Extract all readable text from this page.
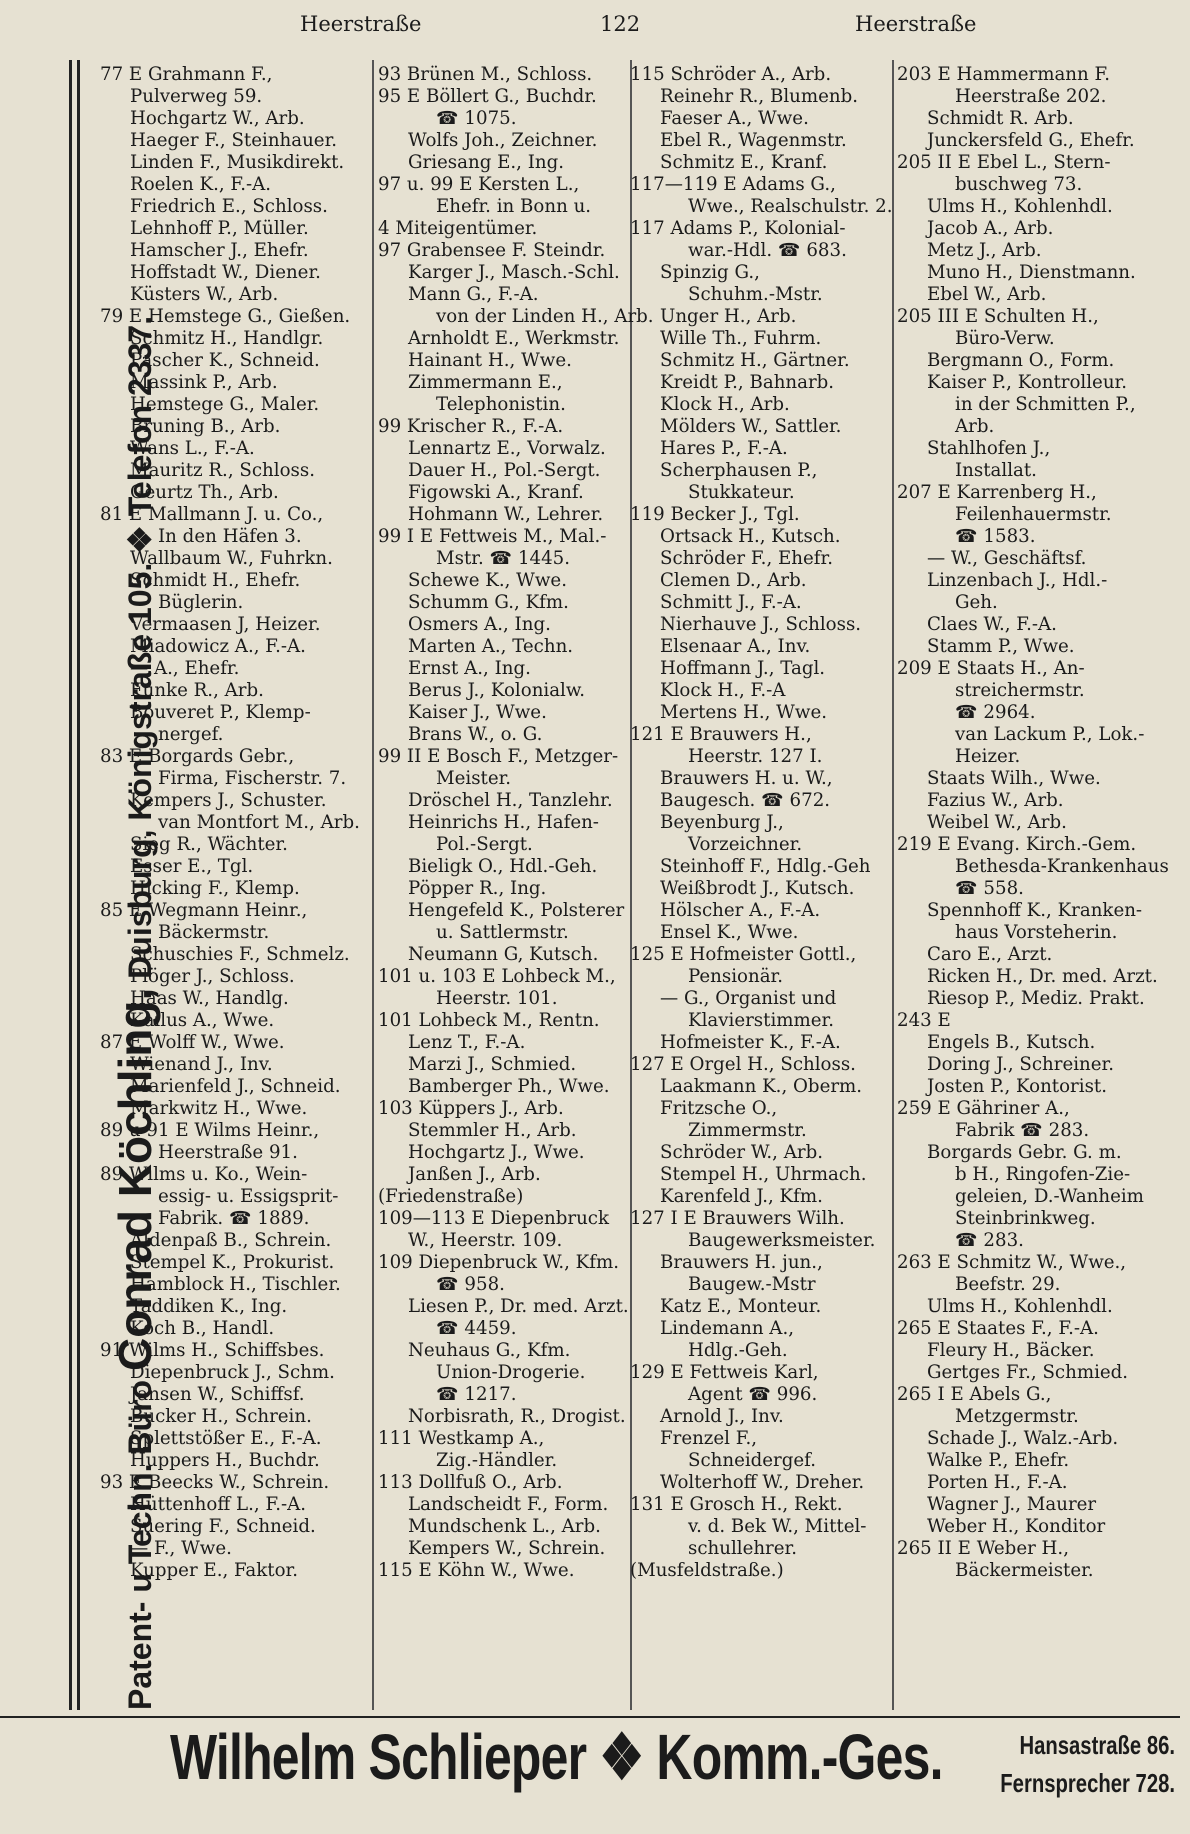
Heerstraße	122	Heerstraße
Patent- u Techn. Büro Conrad Köchling, Duisburg, Königstraße 105. ❖ Telefon 2337.
77 E Grahmann F.,
Pulverweg 59.
Hochgartz W., Arb.
Haeger F., Steinhauer.
Linden F., Musikdirekt.
Roelen K., F.-A.
Friedrich E., Schloss.
Lehnhoff P., Müller.
Hamscher J., Ehefr.
Hoffstadt W., Diener.
Küsters W., Arb.
79 E Hemstege G., Gießen.
Schmitz H., Handlgr.
Pascher K., Schneid.
Massink P., Arb.
Hemstege G., Maler.
Bruning B., Arb.
Wans L., F.-A.
Mauritz R., Schloss.
Geurtz Th., Arb.
81 E Mallmann J. u. Co.,
In den Häfen 3.
Wallbaum W., Fuhrkn.
Schmidt H., Ehefr.
Büglerin.
Vermaasen J, Heizer.
Miadowicz A., F.-A.
— A., Ehefr.
Funke R., Arb.
Bouveret P., Klemp-
nergef.
83 E Borgards Gebr.,
Firma, Fischerstr. 7.
Kempers J., Schuster.
van Montfort M., Arb.
Sieg R., Wächter.
Esser E., Tgl.
Hicking F., Klemp.
85 E Wegmann Heinr.,
Bäckermstr.
Schuschies F., Schmelz.
Plöger J., Schloss.
Haas W., Handlg.
Kailus A., Wwe.
87 E Wolff W., Wwe.
Wienand J., Inv.
Marienfeld J., Schneid.
Markwitz H., Wwe.
89 u 91 E Wilms Heinr.,
Heerstraße 91.
89 Wilms u. Ko., Wein-
essig- u. Essigsprit-
Fabrik. ☎ 1889.
Aldenpaß B., Schrein.
Stempel K., Prokurist.
Hamblock H., Tischler.
Taddiken K., Ing.
Koch B., Handl.
91 Wilms H., Schiffsbes.
Diepenbruck J., Schm.
Jansen W., Schiffsf.
Bücker H., Schrein.
Splettstößer E., F.-A.
Huppers H., Buchdr.
93 E Beecks W., Schrein.
Hüttenhoff L., F.-A.
Suering F., Schneid.
— F., Wwe.
Kupper E., Faktor.
93 Brünen M., Schloss.
95 E Böllert G., Buchdr.
☎ 1075.
Wolfs Joh., Zeichner.
Griesang E., Ing.
97 u. 99 E Kersten L.,
Ehefr. in Bonn u.
4 Miteigentümer.
97 Grabensee F. Steindr.
Karger J., Masch.-Schl.
Mann G., F.-A.
von der Linden H., Arb.
Arnholdt E., Werkmstr.
Hainant H., Wwe.
Zimmermann E.,
Telephonistin.
99 Krischer R., F.-A.
Lennartz E., Vorwalz.
Dauer H., Pol.-Sergt.
Figowski A., Kranf.
Hohmann W., Lehrer.
99 I E Fettweis M., Mal.-
Mstr. ☎ 1445.
Schewe K., Wwe.
Schumm G., Kfm.
Osmers A., Ing.
Marten A., Techn.
Ernst A., Ing.
Berus J., Kolonialw.
Kaiser J., Wwe.
Brans W., o. G.
99 II E Bosch F., Metzger-
Meister.
Dröschel H., Tanzlehr.
Heinrichs H., Hafen-
Pol.-Sergt.
Bieligk O., Hdl.-Geh.
Pöpper R., Ing.
Hengefeld K., Polsterer
u. Sattlermstr.
Neumann G, Kutsch.
101 u. 103 E Lohbeck M.,
Heerstr. 101.
101 Lohbeck M., Rentn.
Lenz T., F.-A.
Marzi J., Schmied.
Bamberger Ph., Wwe.
103 Küppers J., Arb.
Stemmler H., Arb.
Hochgartz J., Wwe.
Janßen J., Arb.
(Friedenstraße)
109—113 E Diepenbruck
W., Heerstr. 109.
109 Diepenbruck W., Kfm.
☎ 958.
Liesen P., Dr. med. Arzt.
☎ 4459.
Neuhaus G., Kfm.
Union-Drogerie.
☎ 1217.
Norbisrath, R., Drogist.
111 Westkamp A.,
Zig.-Händler.
113 Dollfuß O., Arb.
Landscheidt F., Form.
Mundschenk L., Arb.
Kempers W., Schrein.
115 E Köhn W., Wwe.
115 Schröder A., Arb.
Reinehr R., Blumenb.
Faeser A., Wwe.
Ebel R., Wagenmstr.
Schmitz E., Kranf.
117—119 E Adams G.,
Wwe., Realschulstr. 2.
117 Adams P., Kolonial-
war.-Hdl. ☎ 683.
Spinzig G.,
Schuhm.-Mstr.
Unger H., Arb.
Wille Th., Fuhrm.
Schmitz H., Gärtner.
Kreidt P., Bahnarb.
Klock H., Arb.
Mölders W., Sattler.
Hares P., F.-A.
Scherphausen P.,
Stukkateur.
119 Becker J., Tgl.
Ortsack H., Kutsch.
Schröder F., Ehefr.
Clemen D., Arb.
Schmitt J., F.-A.
Nierhauve J., Schloss.
Elsenaar A., Inv.
Hoffmann J., Tagl.
Klock H., F.-A
Mertens H., Wwe.
121 E Brauwers H.,
Heerstr. 127 I.
Brauwers H. u. W.,
Baugesch. ☎ 672.
Beyenburg J.,
Vorzeichner.
Steinhoff F., Hdlg.-Geh
Weißbrodt J., Kutsch.
Hölscher A., F.-A.
Ensel K., Wwe.
125 E Hofmeister Gottl.,
Pensionär.
— G., Organist und
Klavierstimmer.
Hofmeister K., F.-A.
127 E Orgel H., Schloss.
Laakmann K., Oberm.
Fritzsche O.,
Zimmermstr.
Schröder W., Arb.
Stempel H., Uhrmach.
Karenfeld J., Kfm.
127 I E Brauwers Wilh.
Baugewerksmeister.
Brauwers H. jun.,
Baugew.-Mstr
Katz E., Monteur.
Lindemann A.,
Hdlg.-Geh.
129 E Fettweis Karl,
Agent ☎ 996.
Arnold J., Inv.
Frenzel F.,
Schneidergef.
Wolterhoff W., Dreher.
131 E Grosch H., Rekt.
v. d. Bek W., Mittel-
schullehrer.
(Musfeldstraße.)
203 E Hammermann F.
Heerstraße 202.
Schmidt R. Arb.
Junckersfeld G., Ehefr.
205 II E Ebel L., Stern-
buschweg 73.
Ulms H., Kohlenhdl.
Jacob A., Arb.
Metz J., Arb.
Muno H., Dienstmann.
Ebel W., Arb.
205 III E Schulten H.,
Büro-Verw.
Bergmann O., Form.
Kaiser P., Kontrolleur.
in der Schmitten P.,
Arb.
Stahlhofen J.,
Installat.
207 E Karrenberg H.,
Feilenhauermstr.
☎ 1583.
— W., Geschäftsf.
Linzenbach J., Hdl.-
Geh.
Claes W., F.-A.
Stamm P., Wwe.
209 E Staats H., An-
streichermstr.
☎ 2964.
van Lackum P., Lok.-
Heizer.
Staats Wilh., Wwe.
Fazius W., Arb.
Weibel W., Arb.
219 E Evang. Kirch.-Gem.
Bethesda-Krankenhaus
☎ 558.
Spennhoff K., Kranken-
haus Vorsteherin.
Caro E., Arzt.
Ricken H., Dr. med. Arzt.
Riesop P., Mediz. Prakt.
243 E
Engels B., Kutsch.
Doring J., Schreiner.
Josten P., Kontorist.
259 E Gähriner A.,
Fabrik ☎ 283.
Borgards Gebr. G. m.
b H., Ringofen-Zie-
geleien, D.-Wanheim
Steinbrinkweg.
☎ 283.
263 E Schmitz W., Wwe.,
Beefstr. 29.
Ulms H., Kohlenhdl.
265 E Staates F., F.-A.
Fleury H., Bäcker.
Gertges Fr., Schmied.
265 I E Abels G.,
Metzgermstr.
Schade J., Walz.-Arb.
Walke P., Ehefr.
Porten H., F.-A.
Wagner J., Maurer
Weber H., Konditor
265 II E Weber H.,
Bäckermeister.
Wilhelm Schlieper ❖ Komm.-Ges.	Hansastraße 86.
Fernsprecher 728.
